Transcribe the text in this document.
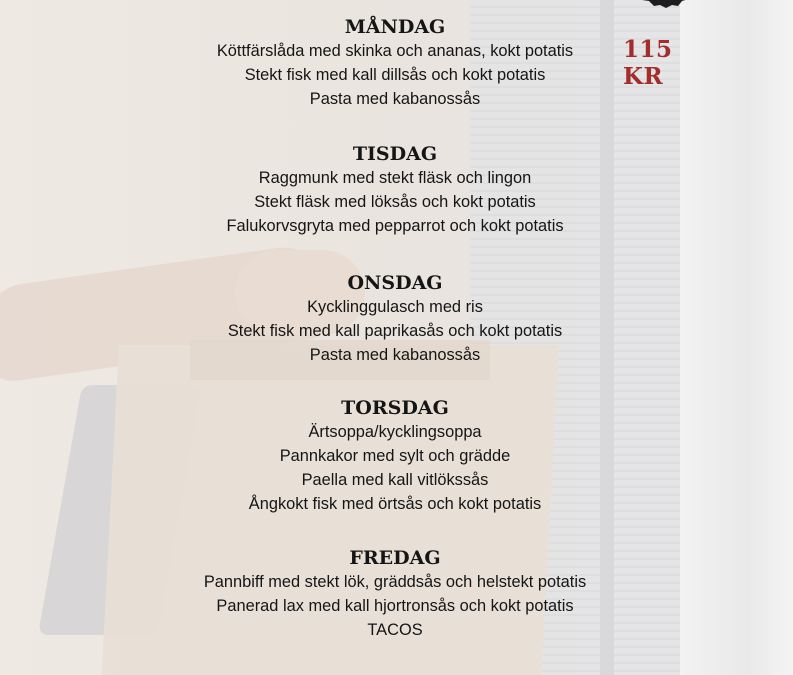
115 KR

MÅNDAG

Köttfärslåda med skinka och ananas, kokt potatis

Stekt fisk med kall dillsås och kokt potatis

Pasta med kabanossås

TISDAG

Raggmunk med stekt fläsk och lingon

Stekt fläsk med löksås och kokt potatis

Falukorvsgryta med pepparrot och kokt potatis

ONSDAG

Kycklinggulasch med ris

Stekt fisk med kall paprikasås och kokt potatis

Pasta med kabanossås

TORSDAG

Ärtsoppa/kycklingsoppa

Pannkakor med sylt och grädde

Paella med kall vitlökssås

Ångkokt fisk med örtsås och kokt potatis

FREDAG

Pannbiff med stekt lök, gräddsås och helstekt potatis

Panerad lax med kall hjortronsås och kokt potatis

TACOS
